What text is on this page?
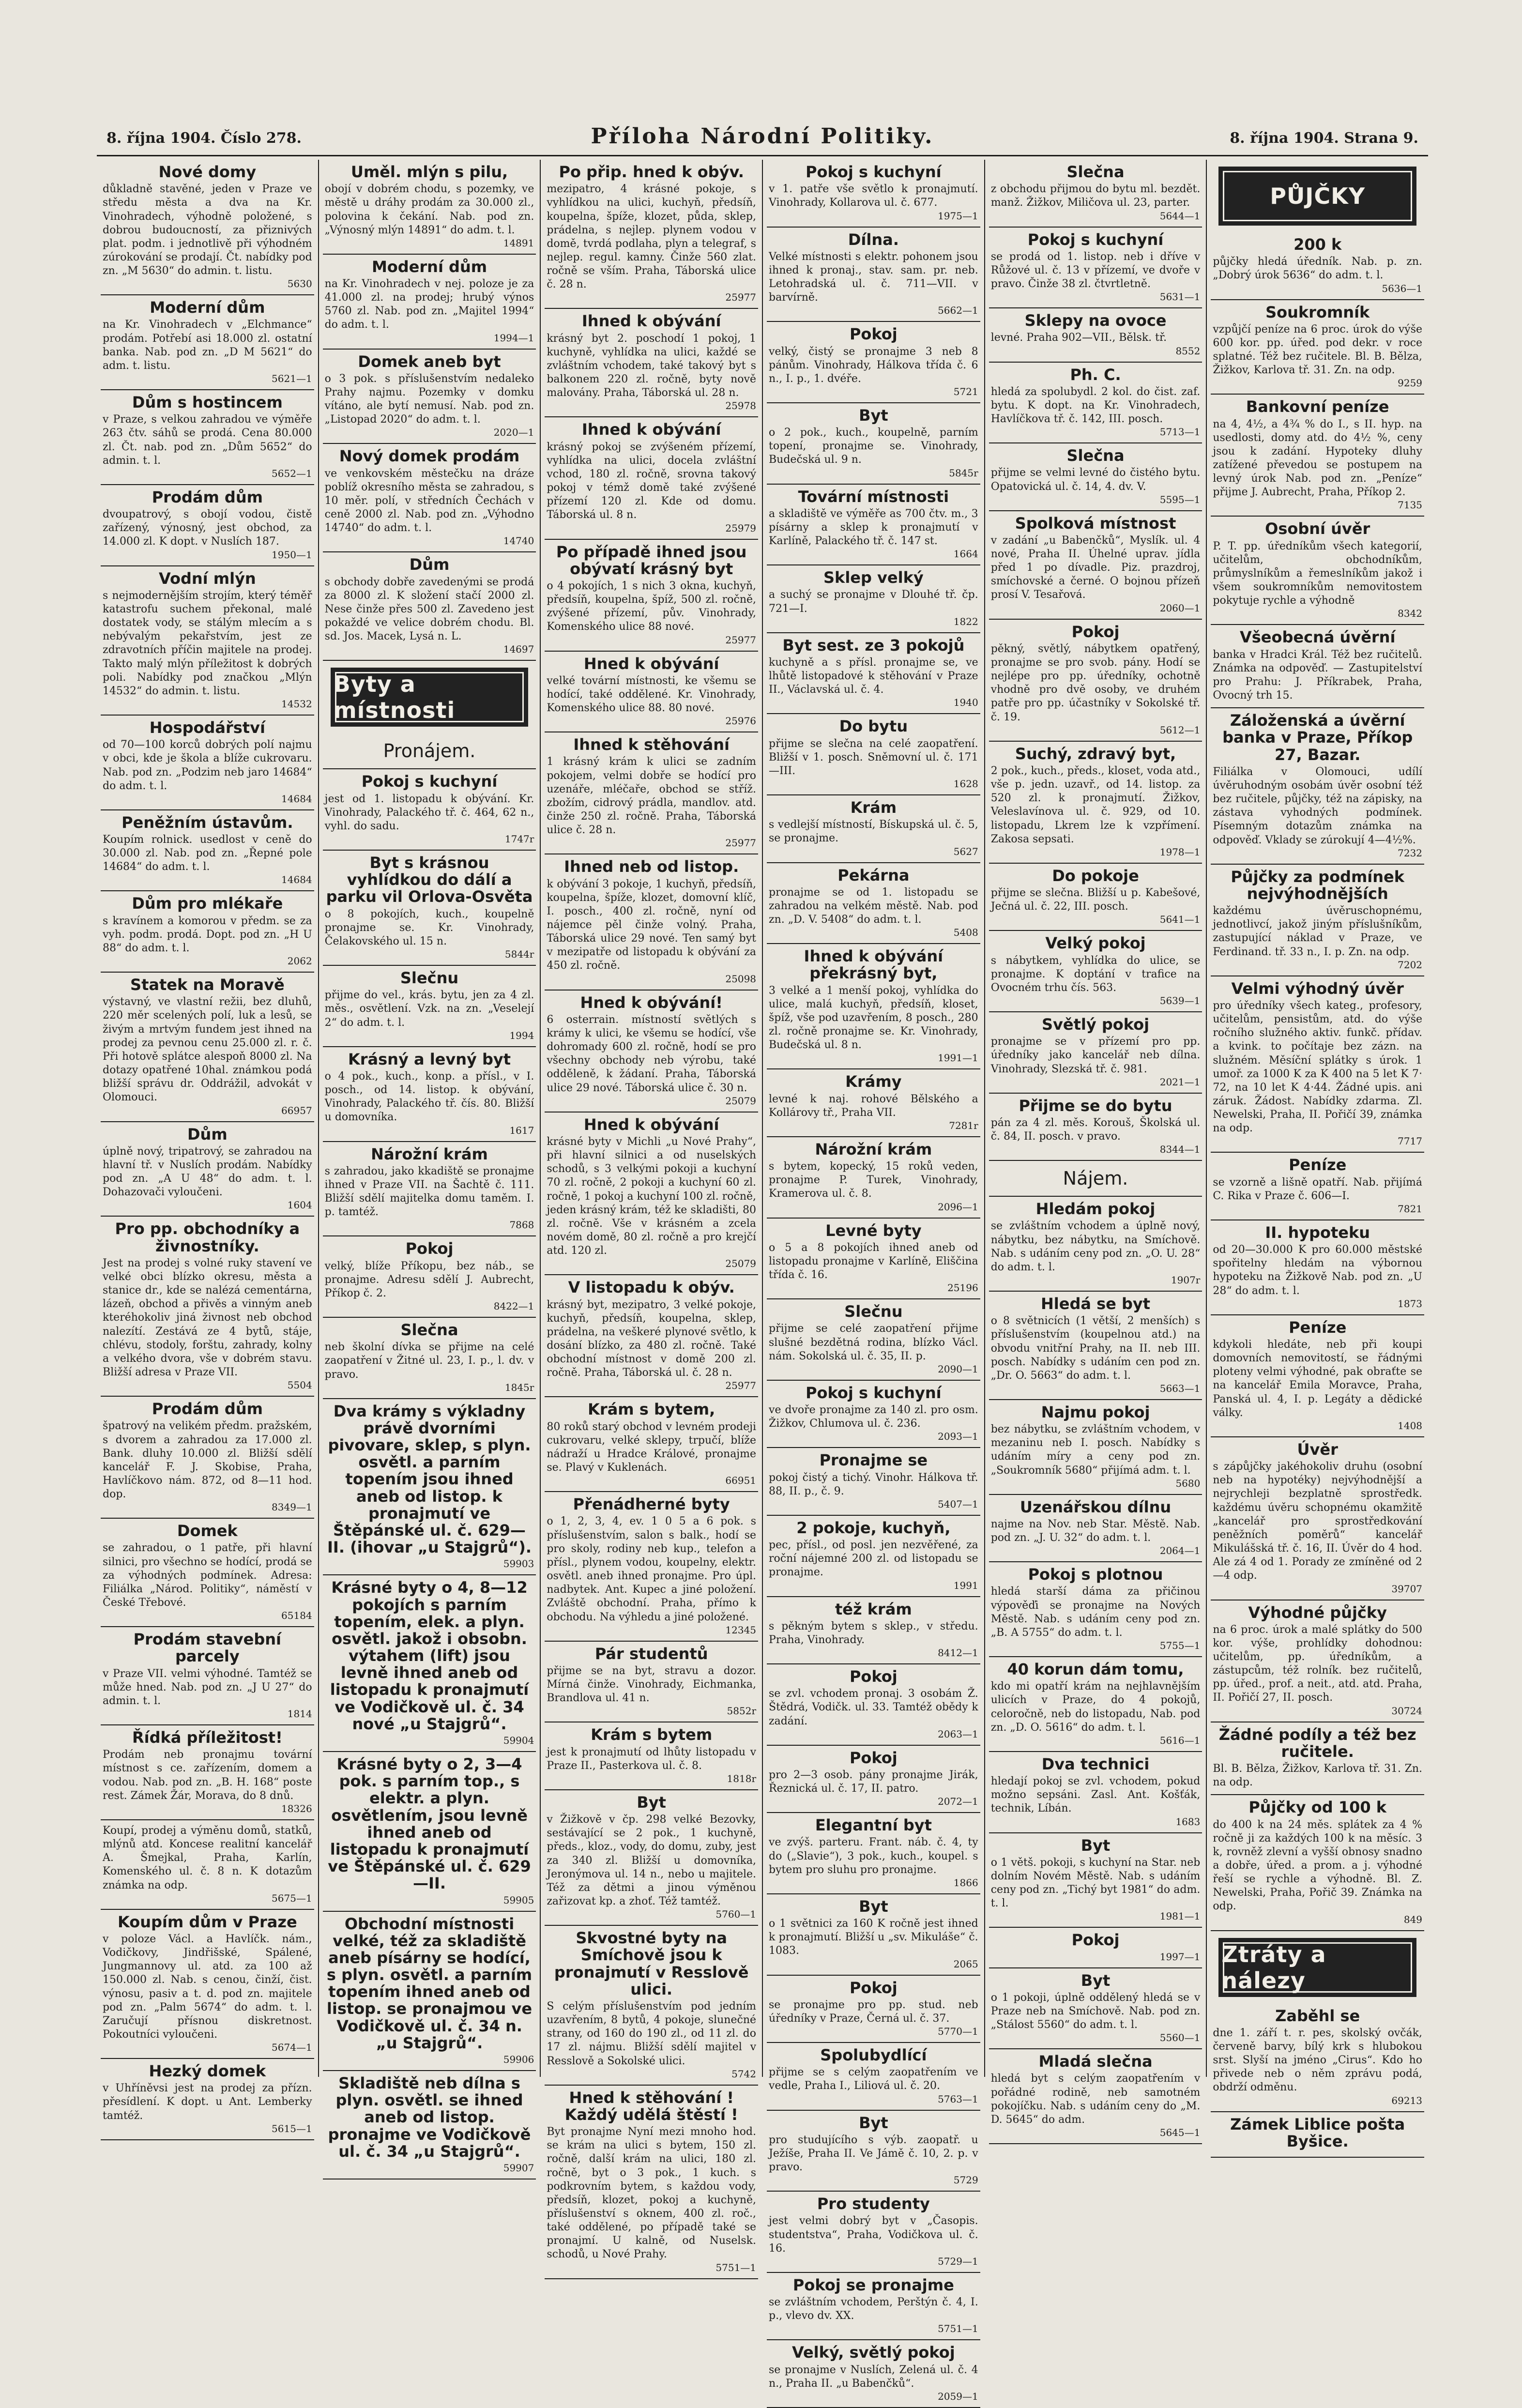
8. října 1904. Číslo 278.	Příloha Národní Politiky.	8. října 1904. Strana 9.
Nové domy

důkladně stavěné, jeden v Praze ve středu města a dva na Kr. Vinohradech, výhodně položené, s dobrou budoucností, za přiznivých plat. podm. i jednotlivě při výhodném zúrokování se prodají. Čt. nabídky pod zn. „M 5630“ do admin. t. listu.

5630
Moderní dům

na Kr. Vinohradech v „Elchmance“ prodám. Potřebí asi 18.000 zl. ostatní banka. Nab. pod zn. „D M 5621“ do adm. t. listu.

5621—1
Dům s hostincem

v Praze, s velkou zahradou ve výměře 263 čtv. sáhů se prodá. Cena 80.000 zl. Čt. nab. pod zn. „Dům 5652“ do admin. t. l.

5652—1
Prodám dům

dvoupatrový, s obojí vodou, čistě zařízený, výnosný, jest obchod, za 14.000 zl. K dopt. v Nuslích 187.

1950—1
Vodní mlýn

s nejmodernějším strojím, který téměř katastrofu suchem překonal, malé dostatek vody, se stálým mlecím a s nebývalým pekařstvím, jest ze zdravotních příčin majitele na prodej. Takto malý mlýn příležitost k dobrých poli. Nabídky pod značkou „Mlýn 14532“ do admin. t. listu.

14532
Hospodářství

od 70—100 korců dobrých polí najmu v obci, kde je škola a blíže cukrovaru. Nab. pod zn. „Podzim neb jaro 14684“ do adm. t. l.

14684
Peněžním ústavům.

Koupím rolnick. usedlost v ceně do 30.000 zl. Nab. pod zn. „Řepné pole 14684“ do adm. t. l.

14684
Dům pro mlékaře

s kravínem a komorou v předm. se za vyh. podm. prodá. Dopt. pod zn. „H U 88“ do adm. t. l.

2062
Statek na Moravě

výstavný, ve vlastní režii, bez dluhů, 220 měr scelených polí, luk a lesů, se živým a mrtvým fundem jest ihned na prodej za pevnou cenu 25.000 zl. r. č. Při hotově splátce alespoň 8000 zl. Na dotazy opatřené 10hal. známkou podá bližší správu dr. Oddrážil, advokát v Olomouci.

66957
Dům

úplně nový, tripatrový, se zahradou na hlavní tř. v Nuslích prodám. Nabídky pod zn. „A U 48“ do adm. t. l. Dohazovači vyloučeni.

1604
Pro pp. obchodníky a živnostníky.

Jest na prodej s volné ruky stavení ve velké obci blízko okresu, města a stanice dr., kde se nalézá cementárna, lázeň, obchod a přivěs a vinným aneb kteréhokoliv jiná živnost neb obchod nalezítí. Zestává ze 4 bytů, stáje, chlévu, stodoly, forštu, zahrady, kolny a velkého dvora, vše v dobrém stavu. Bližší adresa v Praze VII.

5504
Prodám dům

špatrový na velikém předm. pražském, s dvorem a zahradou za 17.000 zl. Bank. dluhy 10.000 zl. Bližší sdělí kancelář F. J. Skobise, Praha, Havlíčkovo nám. 872, od 8—11 hod. dop.

8349—1
Domek

se zahradou, o 1 patře, při hlavní silnici, pro všechno se hodící, prodá se za výhodných podmínek. Adresa: Filiálka „Národ. Politiky“, náměstí v České Třebové.

65184
Prodám stavební parcely

v Praze VII. velmi výhodné. Tamtéž se může hned. Nab. pod zn. „J U 27“ do admin. t. l.

1814
Řídká příležitost!

Prodám neb pronajmu tovární místnost s ce. zařízením, domem a vodou. Nab. pod zn. „B. H. 168“ poste rest. Zámek Žár, Morava, do 8 dnů.

18326

Koupí, prodej a výměnu domů, statků, mlýnů atd. Koncese realitní kancelář A. Šmejkal, Praha, Karlín, Komenského ul. č. 8 n. K dotazům známka na odp.

5675—1
Koupím dům v Praze

v poloze Václ. a Havlíčk. nám., Vodičkovy, Jindřišské, Spálené, Jungmannovy ul. atd. za 100 až 150.000 zl. Nab. s cenou, činží, čist. výnosu, pasiv a t. d. pod zn. majitele pod zn. „Palm 5674“ do adm. t. l. Zaručují přísnou diskretnost. Pokoutníci vyloučeni.

5674—1
Hezký domek

v Uhříněvsi jest na prodej za přízn. přesídlení. K dopt. u Ant. Lemberky tamtéž.

5615—1
Uměl. mlýn s pilu,

obojí v dobrém chodu, s pozemky, ve městě u dráhy prodám za 30.000 zl., polovina k čekání. Nab. pod zn. „Výnosný mlýn 14891“ do adm. t. l.

14891
Moderní dům

na Kr. Vinohradech v nej. poloze je za 41.000 zl. na prodej; hrubý výnos 5760 zl. Nab. pod zn. „Majitel 1994“ do adm. t. l.

1994—1
Domek aneb byt

o 3 pok. s příslušenstvím nedaleko Prahy najmu. Pozemky v domku vítáno, ale bytí nemusí. Nab. pod zn. „Listopad 2020“ do adm. t. l.

2020—1
Nový domek prodám

ve venkovském městečku na dráze poblíž okresního města se zahradou, s 10 měr. polí, v středních Čechách v ceně 2000 zl. Nab. pod zn. „Výhodno 14740“ do adm. t. l.

14740
Dům

s obchody dobře zavedenými se prodá za 8000 zl. K složení stačí 2000 zl. Nese činže přes 500 zl. Zavedeno jest pokaždé ve velice dobrém chodu. Bl. sd. Jos. Macek, Lysá n. L.

14697
Byty a místnosti
Pronájem.
Pokoj s kuchyní

jest od 1. listopadu k obývání. Kr. Vinohrady, Palackého tř. č. 464, 62 n., vyhl. do sadu.

1747r
Byt s krásnou vyhlídkou do dálí a parku vil Orlova-Osvěta

o 8 pokojích, kuch., koupelně pronajme se. Kr. Vinohrady, Čelakovského ul. 15 n.

5844r
Slečnu

přijme do vel., krás. bytu, jen za 4 zl. měs., osvětlení. Vzk. na zn. „Veselejí 2“ do adm. t. l.

1994
Krásný a levný byt

o 4 pok., kuch., konp. a přísl., v I. posch., od 14. listop. k obývání, Vinohrady, Palackého tř. čís. 80. Bližší u domovníka.

1617
Nárožní krám

s zahradou, jako kkadiště se pronajme ihned v Praze VII. na Šachtě č. 111. Bližší sdělí majitelka domu taměm. I. p. tamtéž.

7868
Pokoj

velký, blíže Příkopu, bez náb., se pronajme. Adresu sdělí J. Aubrecht, Příkop č. 2.

8422—1
Slečna

neb školní dívka se přijme na celé zaopatření v Žitné ul. 23, I. p., l. dv. v pravo.

1845r
Dva krámy s výkladny právě dvorními pivovare, sklep, s plyn. osvětl. a parním topením jsou ihned aneb od listop. k pronajmutí ve Štěpánské ul. č. 629—II. (ihovar „u Stajgrů“).
59903
Krásné byty o 4, 8—12 pokojích s parním topením, elek. a plyn. osvětl. jakož i obsobn. výtahem (lift) jsou levně ihned aneb od listopadu k pronajmutí ve Vodičkově ul. č. 34 nové „u Stajgrů“.
59904
Krásné byty o 2, 3—4 pok. s parním top., s elektr. a plyn. osvětlením, jsou levně ihned aneb od listopadu k pronajmutí ve Štěpánské ul. č. 629—II.
59905
Obchodní místnosti velké, též za skladiště aneb písárny se hodící, s plyn. osvětl. a parním topením ihned aneb od listop. se pronajmou ve Vodičkově ul. č. 34 n. „u Stajgrů“.
59906
Skladiště neb dílna s plyn. osvětl. se ihned aneb od listop. pronajme ve Vodičkově ul. č. 34 „u Stajgrů“.
59907
Po přip. hned k obýv.

mezipatro, 4 krásné pokoje, s vyhlídkou na ulici, kuchyň, předsíň, koupelna, špíže, klozet, půda, sklep, prádelna, s nejlep. plynem vodou v domě, tvrdá podlaha, plyn a telegraf, s nejlep. regul. kamny. Činže 560 zlat. ročně se vším. Praha, Táborská ulice č. 28 n.

25977
Ihned k obývání

krásný byt 2. poschodí 1 pokoj, 1 kuchyně, vyhlídka na ulici, každé se zvláštním vchodem, také takový byt s balkonem 220 zl. ročně, byty nově malovány. Praha, Táborská ul. 28 n.

25978
Ihned k obývání

krásný pokoj se zvýšeném přízemí, vyhlídka na ulici, docela zvláštní vchod, 180 zl. ročně, srovna takový pokoj v témž domě také zvýšené přízemí 120 zl. Kde od domu. Táborská ul. 8 n.

25979
Po případě ihned jsou obývatí krásný byt

o 4 pokojích, 1 s nich 3 okna, kuchyň, předsíň, koupelna, špíž, 500 zl. ročně, zvýšené přízemí, pův. Vinohrady, Komenského ulice 88 nové.

25977
Hned k obývání

velké tovární místnosti, ke všemu se hodící, také oddělené. Kr. Vinohrady, Komenského ulice 88. 80 nové.

25976
Ihned k stěhování

1 krásný krám k ulici se zadním pokojem, velmi dobře se hodící pro uzenáře, mléčaře, obchod se stříž. zbožím, cidrový prádla, mandlov. atd. činže 250 zl. ročně. Praha, Táborská ulice č. 28 n.

25977
Ihned neb od listop.

k obývání 3 pokoje, 1 kuchyň, předsíň, koupelna, špíže, klozet, domovní klíč, I. posch., 400 zl. ročně, nyní od nájemce pěl činže volný. Praha, Táborská ulice 29 nové. Ten samý byt v mezipatře od listopadu k obývání za 450 zl. ročně.

25098
Hned k obývání!

6 osterrain. místností světlých s krámy k ulici, ke všemu se hodící, vše dohromady 600 zl. ročně, hodí se pro všechny obchody neb výrobu, také odděleně, k žádaní. Praha, Táborská ulice 29 nové. Táborská ulice č. 30 n.

25079
Hned k obývání

krásné byty v Michli „u Nové Prahy“, při hlavní silnici a od nuselských schodů, s 3 velkými pokoji a kuchyní 70 zl. ročně, 2 pokoji a kuchyní 60 zl. ročně, 1 pokoj a kuchyní 100 zl. ročně, jeden krásný krám, též ke skladišti, 80 zl. ročně. Vše v krásném a zcela novém domě, 80 zl. ročně a pro krejčí atd. 120 zl.

25079
V listopadu k obýv.

krásný byt, mezipatro, 3 velké pokoje, kuchyň, předsíň, koupelna, sklep, prádelna, na veškeré plynové světlo, k dosání blízko, za 480 zl. ročně. Také obchodní místnost v domě 200 zl. ročně. Praha, Táborská ul. č. 28 n.

25977
Krám s bytem,

80 roků starý obchod v levném prodeji cukrovaru, velké sklepy, trpučí, blíže nádraží u Hradce Králové, pronajme se. Plavý v Kuklenách.

66951
Přenádherné byty

o 1, 2, 3, 4, ev. 1 0 5 a 6 pok. s příslušenstvím, salon s balk., hodí se pro skoly, rodiny neb kup., telefon a přísl., plynem vodou, koupelny, elektr. osvětl. aneb ihned pronajme. Pro úpl. nadbytek. Ant. Kupec a jiné položení. Zvláště obchodní. Praha, přímo k obchodu. Na výhledu a jiné položené.

12345
Pár studentů

přijme se na byt, stravu a dozor. Mírná činže. Vinohrady, Eichmanka, Brandlova ul. 41 n.

5852r
Krám s bytem

jest k pronajmutí od lhůty listopadu v Praze II., Pasterkova ul. č. 8.

1818r
Byt

v Žižkově v čp. 298 velké Bezovky, sestávající se 2 pok., 1 kuchyně, předs., kloz., vody, do domu, zuby, jest za 340 zl. Bližší u domovníka, Jeronýmova ul. 14 n., nebo u majitele. Též za dětmi a jinou výměnou zařizovat kp. a zhoť. Též tamtéž.

5760—1
Skvostné byty na Smíchově jsou k pronajmutí v Resslově ulici.

S celým příslušenstvím pod jedním uzavřením, 8 bytů, 4 pokoje, slunečné strany, od 160 do 190 zl., od 11 zl. do 17 zl. nájmu. Bližší sdělí majitel v Resslově a Sokolské ulici.

5742
Hned k stěhování ! Každý udělá štěstí !

Byt pronajme Nyní mezi mnoho hod. se krám na ulici s bytem, 150 zl. ročně, další krám na ulici, 180 zl. ročně, byt o 3 pok., 1 kuch. s podkrovním bytem, s každou vody, předsíň, klozet, pokoj a kuchyně, příslušenství s oknem, 400 zl. roč., také oddělené, po případě také se pronajmí. U kalně, od Nuselsk. schodů, u Nové Prahy.

5751—1
Pokoj s kuchyní

v 1. patře vše světlo k pronajmutí. Vinohrady, Kollarova ul. č. 677.

1975—1
Dílna.

Velké místnosti s elektr. pohonem jsou ihned k pronaj., stav. sam. pr. neb. Letohradská ul. č. 711—VII. v barvírně.

5662—1
Pokoj

velký, čistý se pronajme 3 neb 8 pánům. Vinohrady, Hálkova třída č. 6 n., I. p., 1. dvéře.

5721
Byt

o 2 pok., kuch., koupelně, parním topení, pronajme se. Vinohrady, Budečská ul. 9 n.

5845r
Tovární místnosti

a skladiště ve výměře as 700 čtv. m., 3 písárny a sklep k pronajmutí v Karlíně, Palackého tř. č. 147 st.

1664
Sklep velký

a suchý se pronajme v Dlouhé tř. čp. 721—I.

1822
Byt sest. ze 3 pokojů

kuchyně a s přísl. pronajme se, ve lhůtě listopadové k stěhování v Praze II., Václavská ul. č. 4.

1940
Do bytu

přijme se slečna na celé zaopatření. Bližší v 1. posch. Sněmovní ul. č. 171—III.

1628
Krám

s vedlejší místností, Bískupská ul. č. 5, se pronajme.

5627
Pekárna

pronajme se od 1. listopadu se zahradou na velkém městě. Nab. pod zn. „D. V. 5408“ do adm. t. l.

5408
Ihned k obývání překrásný byt,

3 velké a 1 menší pokoj, vyhlídka do ulice, malá kuchyň, předsíň, kloset, špíž, vše pod uzavřením, 8 posch., 280 zl. ročně pronajme se. Kr. Vinohrady, Budečská ul. 8 n.

1991—1
Krámy

levné k naj. rohové Bělského a Kollárovy tř., Praha VII.

7281r
Nárožní krám

s bytem, kopecký, 15 roků veden, pronajme P. Turek, Vinohrady, Kramerova ul. č. 8.

2096—1
Levné byty

o 5 a 8 pokojích ihned aneb od listopadu pronajme v Karlíně, Eliščina třída č. 16.

25196
Slečnu

přijme se celé zaopatření přijme slušné bezdětná rodina, blízko Václ. nám. Sokolská ul. č. 35, II. p.

2090—1
Pokoj s kuchyní

ve dvoře pronajme za 140 zl. pro osm. Žižkov, Chlumova ul. č. 236.

2093—1
Pronajme se

pokoj čistý a tichý. Vinohr. Hálkova tř. 88, II. p., č. 9.

5407—1
2 pokoje, kuchyň,

pec, přísl., od posl. jen nezvěřené, za roční nájemné 200 zl. od listopadu se pronajme.

1991
též krám

s pěkným bytem s sklep., v středu. Praha, Vinohrady.

8412—1
Pokoj

se zvl. vchodem pronaj. 3 osobám Ž. Štědrá, Vodičk. ul. 33. Tamtéž obědy k zadání.

2063—1
Pokoj

pro 2—3 osob. pány pronajme Jirák, Řeznická ul. č. 17, II. patro.

2072—1
Elegantní byt

ve zvýš. parteru. Frant. náb. č. 4, ty do („Slavie“), 3 pok., kuch., koupel. s bytem pro sluhu pro pronajme.

1866
Byt

o 1 světnici za 160 K ročně jest ihned k pronajmutí. Bližší u „sv. Mikuláše“ č. 1083.

2065
Pokoj

se pronajme pro pp. stud. neb úředníky v Praze, Černá ul. č. 37.

5770—1
Spolubydlící

přijme se s celým zaopatřením ve vedle, Praha I., Liliová ul. č. 20.

5763—1
Byt

pro studujícího s výb. zaopatř. u Ježíše, Praha II. Ve Jámě č. 10, 2. p. v pravo.

5729
Pro studenty

jest velmi dobrý byt v „Časopis. studentstva“, Praha, Vodičkova ul. č. 16.

5729—1
Pokoj se pronajme

se zvláštním vchodem, Perštýn č. 4, I. p., vlevo dv. XX.

5751—1
Velký, světlý pokoj

se pronajme v Nuslích, Zelená ul. č. 4 n., Praha II. „u Babenčků“.

2059—1
Slečna

z obchodu přijmou do bytu ml. bezdět. manž. Žižkov, Miličova ul. 23, parter.

5644—1
Pokoj s kuchyní

se prodá od 1. listop. neb i dříve v Růžové ul. č. 13 v přízemí, ve dvoře v pravo. Činže 38 zl. čtvrtletně.

5631—1
Sklepy na ovoce

levné. Praha 902—VII., Bělsk. tř.

8552
Ph. C.

hledá za spolubydl. 2 kol. do čist. zaf. bytu. K dopt. na Kr. Vinohradech, Havlíčkova tř. č. 142, III. posch.

5713—1
Slečna

přijme se velmi levné do čistého bytu. Opatovická ul. č. 14, 4. dv. V.

5595—1
Spolková místnost

v zadání „u Babenčků“, Myslík. ul. 4 nové, Praha II. Úhelné uprav. jídla před 1 po dívadle. Piz. prazdroj, smíchovské a černé. O bojnou přízeň prosí V. Tesařová.

2060—1
Pokoj

pěkný, světlý, nábytkem opatřený, pronajme se pro svob. pány. Hodí se nejlépe pro pp. úředníky, ochotně vhodně pro dvě osoby, ve druhém patře pro pp. účastníky v Sokolské tř. č. 19.

5612—1
Suchý, zdravý byt,

2 pok., kuch., předs., kloset, voda atd., vše p. jedn. uzavř., od 14. listop. za 520 zl. k pronajmutí. Žižkov, Veleslavínova ul. č. 929, od 10. listopadu, Lkrem lze k vzpřímení. Zakosa sepsati.

1978—1
Do pokoje

přijme se slečna. Bližší u p. Kabešové, Ječná ul. č. 22, III. posch.

5641—1
Velký pokoj

s nábytkem, vyhlídka do ulice, se pronajme. K doptání v trafice na Ovocném trhu čís. 563.

5639—1
Světlý pokoj

pronajme se v přízemí pro pp. úředníky jako kancelář neb dílna. Vinohrady, Slezská tř. č. 981.

2021—1
Přijme se do bytu

pán za 4 zl. měs. Korouš, Školská ul. č. 84, II. posch. v pravo.

8344—1
Nájem.
Hledám pokoj

se zvláštním vchodem a úplně nový, nábytku, bez nábytku, na Smíchově. Nab. s udáním ceny pod zn. „O. U. 28“ do adm. t. l.

1907r
Hledá se byt

o 8 světnicích (1 větší, 2 menších) s příslušenstvím (koupelnou atd.) na obvodu vnitřní Prahy, na II. neb III. posch. Nabídky s udáním cen pod zn. „Dr. O. 5663“ do adm. t. l.

5663—1
Najmu pokoj

bez nábytku, se zvláštním vchodem, v mezaninu neb I. posch. Nabídky s udáním míry a ceny pod zn. „Soukromník 5680“ přijímá adm. t. l.

5680
Uzenářskou dílnu

najme na Nov. neb Star. Městě. Nab. pod zn. „J. U. 32“ do adm. t. l.

2064—1
Pokoj s plotnou

hledá starší dáma za přičinou výpověďi se pronajme na Nových Městě. Nab. s udáním ceny pod zn. „B. A 5755“ do adm. t. l.

5755—1
40 korun dám tomu,

kdo mi opatří krám na nejhlavnějším ulicích v Praze, do 4 pokojů, celoročně, neb do listopadu, Nab. pod zn. „D. O. 5616“ do adm. t. l.

5616—1
Dva technici

hledají pokoj se zvl. vchodem, pokud možno sepsáni. Zasl. Ant. Košťák, technik, Líbán.

1683
Byt

o 1 větš. pokoji, s kuchyní na Star. neb dolním Novém Městě. Nab. s udáním ceny pod zn. „Tichý byt 1981“ do adm. t. l.

1981—1
Pokoj
1997—1
Byt

o 1 pokoji, úplně oddělený hledá se v Praze neb na Smíchově. Nab. pod zn. „Stálost 5560“ do adm. t. l.

5560—1
Mladá slečna

hledá byt s celým zaopatřením v pořádné rodině, neb samotném pokojíčku. Nab. s udáním ceny do „M. D. 5645“ do adm.

5645—1
PŮJČKY
200 k

půjčky hledá úředník. Nab. p. zn. „Dobrý úrok 5636“ do adm. t. l.

5636—1
Soukromník

vzpůjčí peníze na 6 proc. úrok do výše 600 kor. pp. úřed. pod dekr. v roce splatné. Též bez ručitele. Bl. B. Bělza, Žižkov, Karlova tř. 31. Zn. na odp.

9259
Bankovní peníze

na 4, 4½, a 4¾ % do I., s II. hyp. na usedlosti, domy atd. do 4½ %, ceny jsou k zadání. Hypoteky dluhy zatížené převedou se postupem na levný úrok Nab. pod zn. „Peníze“ přijme J. Aubrecht, Praha, Příkop 2.

7135
Osobní úvěr

P. T. pp. úředníkům všech kategorií, učitelům, obchodníkům, průmyslníkům a řemeslníkům jakož i všem soukromníkům nemovitostem pokytuje rychle a výhodně

8342
Všeobecná úvěrní

banka v Hradci Král. Též bez ručitelů. Známka na odpověď. — Zastupitelství pro Prahu: J. Příkrabek, Praha, Ovocný trh 15.

Záloženská a úvěrní banka v Praze, Příkop 27, Bazar.

Filiálka v Olomouci, udílí úvěruhodným osobám úvěr osobní též bez ručitele, půjčky, též na zápisky, na zástava vyhodných podmínek. Písemným dotazům známka na odpověď. Vklady se zúrokují 4—4½%.

7232
Půjčky za podmínek nejvýhodnějších

každému úvěruschopnému, jednotlivcí, jakož jiným příslušníkům, zastupující náklad v Praze, ve Ferdinand. tř. 33 n., I. p. Zn. na odp.

7202
Velmi výhodný úvěr

pro úředníky všech kateg., profesory, učitelům, pensistům, atd. do výše ročního služného aktiv. funkč. přídav. a kvink. to počítaje bez zázn. na služném. Měsíční splátky s úrok. 1 umoř. za 1000 K za K 400 na 5 let K 7‧72, na 10 let K 4‧44. Žádné upis. ani záruk. Žádost. Nabídky zdarma. Zl. Newelski, Praha, II. Pořičí 39, známka na odp.

7717
Peníze

se vzorně a lišně opatří. Nab. přijímá C. Rika v Praze č. 606—I.

7821
II. hypoteku

od 20—30.000 K pro 60.000 městské spořitelny hledám na výbornou hypoteku na Žižkově Nab. pod zn. „U 28“ do adm. t. l.

1873
Peníze

kdykoli hledáte, neb při koupi domovních nemovitostí, se řádnými ploteny velmi výhodné, pak obraťte se na kancelář Emila Moravce, Praha, Panská ul. 4, I. p. Legáty a dědické války.

1408
Úvěr

s zápůjčky jakéhokoliv druhu (osobní neb na hypotéky) nejvýhodnější a nejrychleji bezplatně sprostředk. každému úvěru schopnému okamžitě „kancelář pro sprostředkování peněžních poměrů“ kancelář Mikulášská tř. č. 16, II. Úvěr do 4 hod. Ale zá 4 od 1. Porady ze zmíněné od 2—4 odp.

39707
Výhodné půjčky

na 6 proc. úrok a malé splátky do 500 kor. výše, prohlídky dohodnou: učitelům, pp. úředníkům, a zástupcům, též rolník. bez ručitelů, pp. úřed., prof. a neit., atd. atd. Praha, II. Pořičí 27, II. posch.

30724
Žádné podíly a též bez ručitele.

Bl. B. Bělza, Žižkov, Karlova tř. 31. Zn. na odp.

Půjčky od 100 k

do 400 k na 24 měs. splátek za 4 % ročně ji za každých 100 k na měsíc. 3 k, rovněž zlevní a vyšší obnosy snadno a dobře, úřed. a prom. a j. výhodné řeší se rychle a výhodně. Bl. Z. Newelski, Praha, Pořič 39. Známka na odp.

849
Ztráty a nálezy
Zaběhl se

dne 1. září t. r. pes, skolský ovčák, červeně barvy, bílý krk s hlubokou srst. Slyší na jméno „Cirus“. Kdo ho přivede neb o něm zprávu podá, obdrží odměnu.

69213
Zámek Liblice pošta Byšice.
